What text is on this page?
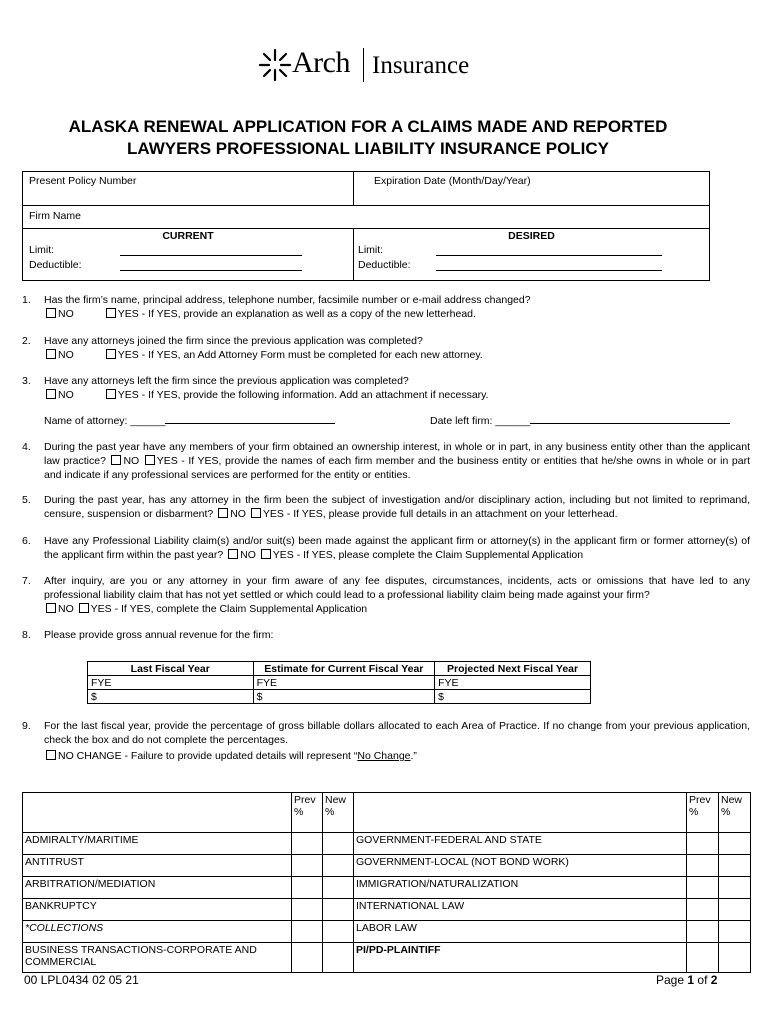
Arch Insurance
ALASKA RENEWAL APPLICATION FOR A CLAIMS MADE AND REPORTED
LAWYERS PROFESSIONAL LIABILITY INSURANCE POLICY
Present Policy Number	Expiration Date (Month/Day/Year)
Firm Name
CURRENT
Limit:
Deductible:
DESIRED
Limit:
Deductible:
1. Has the firm’s name, principal address, telephone number, facsimile number or e-mail address changed?
NO	YES - If YES, provide an explanation as well as a copy of the new letterhead.
2. Have any attorneys joined the firm since the previous application was completed?
NO	YES - If YES, an Add Attorney Form must be completed for each new attorney.
3. Have any attorneys left the firm since the previous application was completed?
NO	YES - If YES, provide the following information. Add an attachment if necessary.
Name of attorney: ______	Date left firm: ______
4. During the past year have any members of your firm obtained an ownership interest, in whole or in part, in any business entity other than the applicant law practice? NO YES - If YES, provide the names of each firm member and the business entity or entities that he/she owns in whole or in part and indicate if any professional services are performed for the entity or entities.
5. During the past year, has any attorney in the firm been the subject of investigation and/or disciplinary action, including but not limited to reprimand, censure, suspension or disbarment? NO YES - If YES, please provide full details in an attachment on your letterhead.
6. Have any Professional Liability claim(s) and/or suit(s) been made against the applicant firm or attorney(s) in the applicant firm or former attorney(s) of the applicant firm within the past year? NO YES - If YES, please complete the Claim Supplemental Application
7. After inquiry, are you or any attorney in your firm aware of any fee disputes, circumstances, incidents, acts or omissions that have led to any professional liability claim that has not yet settled or which could lead to a professional liability claim being made against your firm?
NO YES - If YES, complete the Claim Supplemental Application
8. Please provide gross annual revenue for the firm:
Last Fiscal Year	Estimate for Current Fiscal Year	Projected Next Fiscal Year
FYE	FYE	FYE
$	$	$
9. For the last fiscal year, provide the percentage of gross billable dollars allocated to each Area of Practice. If no change from your previous application, check the box and do not complete the percentages.
NO CHANGE - Failure to provide updated details will represent “No Change.”
	Prev %	New %		Prev %	New %
ADMIRALTY/MARITIME			GOVERNMENT-FEDERAL AND STATE		
ANTITRUST			GOVERNMENT-LOCAL (NOT BOND WORK)		
ARBITRATION/MEDIATION			IMMIGRATION/NATURALIZATION		
BANKRUPTCY			INTERNATIONAL LAW		
*COLLECTIONS			LABOR LAW		
BUSINESS TRANSACTIONS-CORPORATE AND COMMERCIAL			PI/PD-PLAINTIFF		
00 LPL0434 02 05 21	Page 1 of 2
